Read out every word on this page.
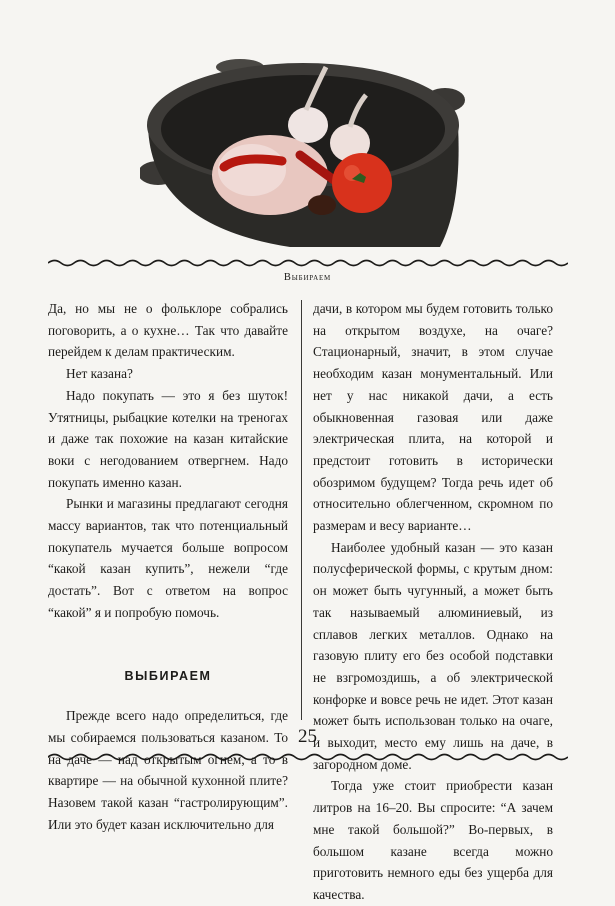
Выбираем

Да, но мы не о фольклоре собрались поговорить, а о кухне… Так что давайте перейдем к делам практическим.

Нет казана?

Надо покупать — это я без шуток! Утятницы, рыбацкие котелки на треногах и даже так похожие на казан китайские воки с негодованием отвергнем. Надо покупать именно казан.

Рынки и магазины предлагают сегодня массу вариантов, так что потенциальный покупатель мучается больше вопросом “какой казан купить”, нежели “где достать”. Вот с ответом на вопрос “какой” я и попробую помочь.

ВЫБИРАЕМ

Прежде всего надо определиться, где мы собираемся пользоваться казаном. То на даче — над открытым огнем, а то в квартире — на обычной кухонной плите? Назовем такой казан “гастролирующим”. Или это будет казан исключительно для

дачи, в котором мы будем готовить только на открытом воздухе, на очаге? Стационарный, значит, в этом случае необходим казан монументальный. Или нет у нас никакой дачи, а есть обыкновенная газовая или даже электрическая плита, на которой и предстоит готовить в исторически обозримом будущем? Тогда речь идет об относительно облегченном, скромном по размерам и весу варианте…

Наиболее удобный казан — это казан полусферической формы, с крутым дном: он может быть чугунный, а может быть так называемый алюминиевый, из сплавов легких металлов. Однако на газовую плиту его без особой подставки не взгромоздишь, а об электрической конфорке и вовсе речь не идет. Этот казан может быть использован только на очаге, и выходит, место ему лишь на даче, в загородном доме.

Тогда уже стоит приобрести казан литров на 16–20. Вы спросите: “А зачем мне такой большой?” Во-первых, в большом казане всегда можно приготовить немного еды без ущерба для качества.

25
